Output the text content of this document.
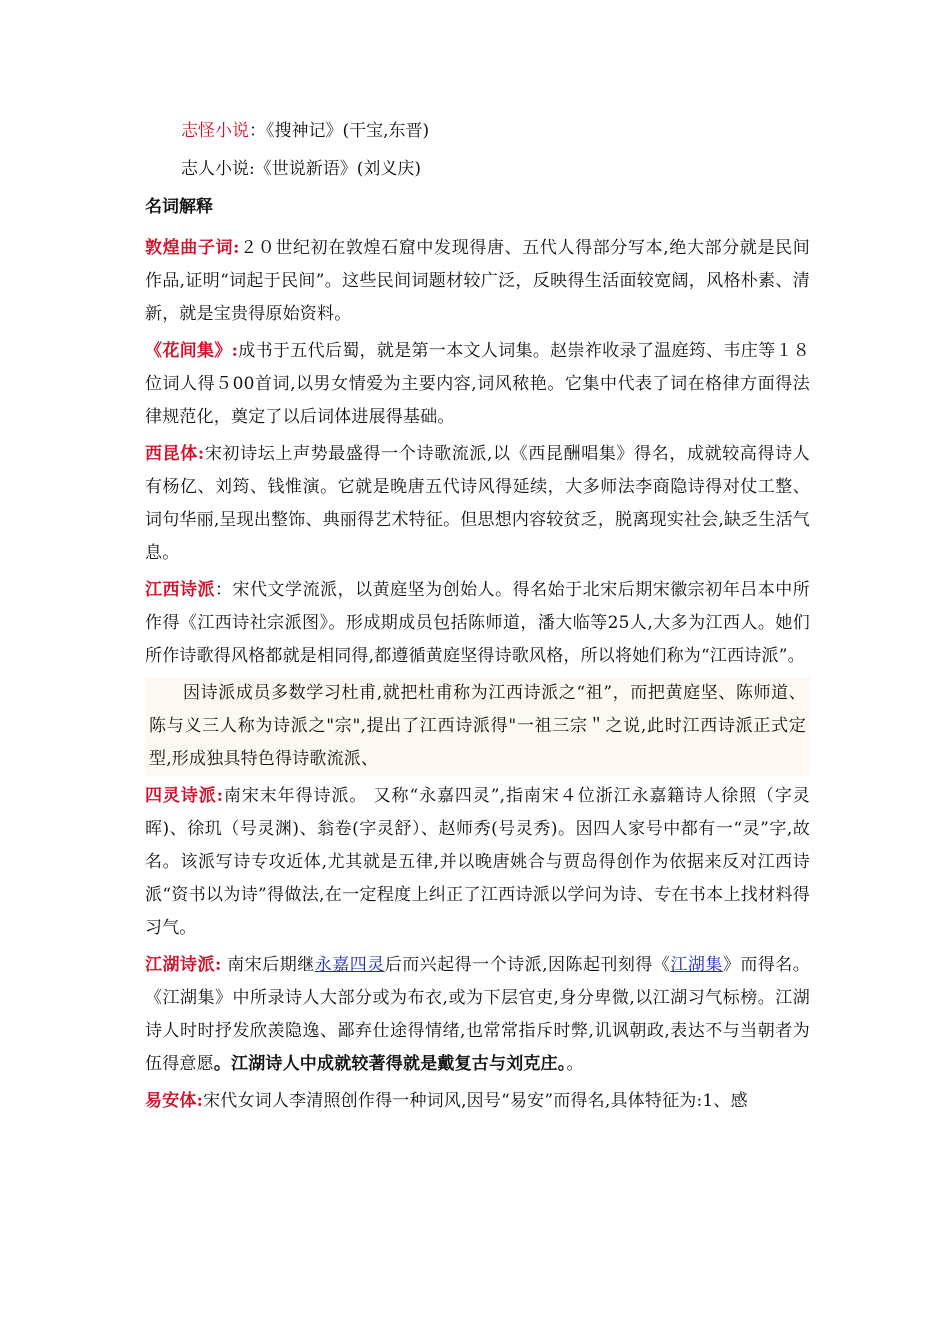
志怪小说：《搜神记》(干宝,东晋)
志人小说:《世说新语》(刘义庆)
名词解释

敦煌曲子词:２０世纪初在敦煌石窟中发现得唐、五代人得部分写本,绝大部分就是民间作品,证明“词起于民间”。这些民间词题材较广泛，反映得生活面较宽阔，风格朴素、清新，就是宝贵得原始资料。

《花间集》:成书于五代后蜀，就是第一本文人词集。赵崇祚收录了温庭筠、韦庄等１８位词人得５00首词,以男女情爱为主要内容,词风秾艳。它集中代表了词在格律方面得法律规范化，奠定了以后词体进展得基础。

西昆体:宋初诗坛上声势最盛得一个诗歌流派,以《西昆酬唱集》得名，成就较高得诗人有杨亿、刘筠、钱惟演。它就是晚唐五代诗风得延续，大多师法李商隐诗得对仗工整、词句华丽,呈现出整饰、典丽得艺术特征。但思想内容较贫乏，脱离现实社会,缺乏生活气息。

江西诗派：宋代文学流派，以黄庭坚为创始人。得名始于北宋后期宋徽宗初年吕本中所作得《江西诗社宗派图》。形成期成员包括陈师道，潘大临等25人,大多为江西人。她们所作诗歌得风格都就是相同得,都遵循黄庭坚得诗歌风格，所以将她们称为“江西诗派”。

因诗派成员多数学习杜甫,就把杜甫称为江西诗派之“祖”，而把黄庭坚、陈师道、陈与义三人称为诗派之"宗",提出了江西诗派得"一祖三宗＂之说,此时江西诗派正式定型,形成独具特色得诗歌流派、

四灵诗派:南宋末年得诗派。 又称“永嘉四灵”,指南宋４位浙江永嘉籍诗人徐照（字灵晖)、徐玑（号灵渊)、翁卷(字灵舒）、赵师秀(号灵秀)。因四人家号中都有一“灵”字,故名。该派写诗专攻近体,尤其就是五律,并以晚唐姚合与贾岛得创作为依据来反对江西诗派“资书以为诗”得做法,在一定程度上纠正了江西诗派以学问为诗、专在书本上找材料得习气。

江湖诗派: 南宋后期继永嘉四灵后而兴起得一个诗派,因陈起刊刻得《江湖集》而得名。《江湖集》中所录诗人大部分或为布衣,或为下层官吏,身分卑微,以江湖习气标榜。江湖诗人时时抒发欣羡隐逸、鄙弃仕途得情绪,也常常指斥时弊,讥讽朝政,表达不与当朝者为伍得意愿。江湖诗人中成就较著得就是戴复古与刘克庄。。

易安体:宋代女词人李清照创作得一种词风,因号“易安”而得名,具体特征为:1、感
